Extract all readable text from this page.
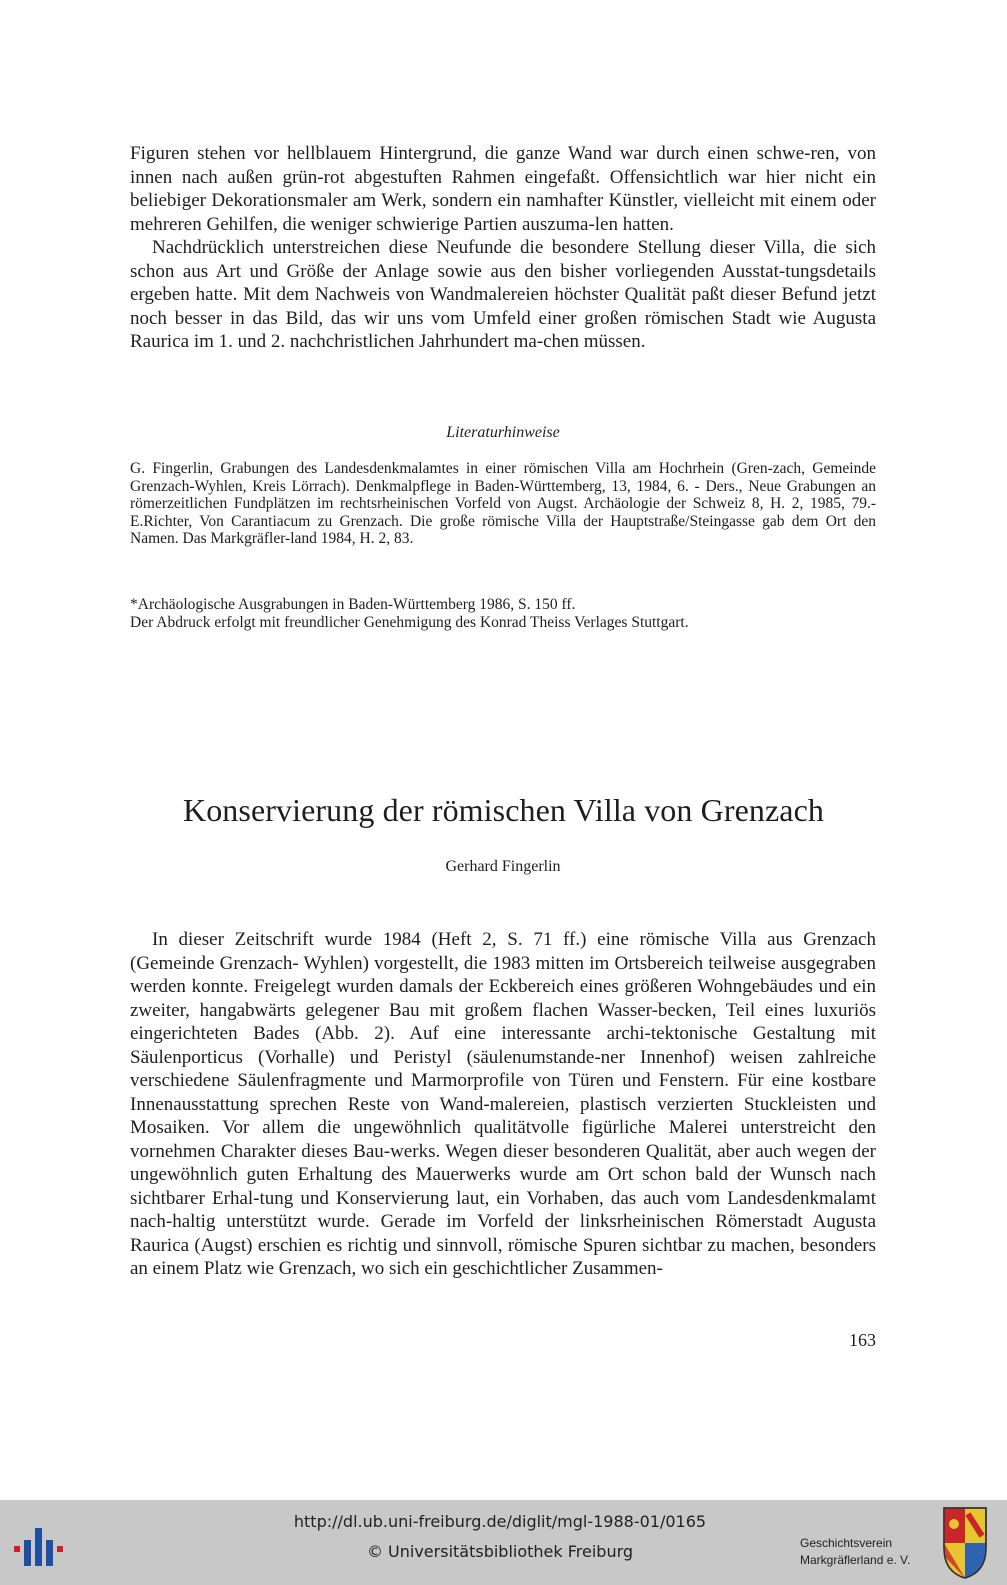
Figuren stehen vor hellblauem Hintergrund, die ganze Wand war durch einen schwe-ren, von innen nach außen grün-rot abgestuften Rahmen eingefaßt. Offensichtlich war hier nicht ein beliebiger Dekorationsmaler am Werk, sondern ein namhafter Künstler, vielleicht mit einem oder mehreren Gehilfen, die weniger schwierige Partien auszuma-len hatten.

Nachdrücklich unterstreichen diese Neufunde die besondere Stellung dieser Villa, die sich schon aus Art und Größe der Anlage sowie aus den bisher vorliegenden Ausstat-tungsdetails ergeben hatte. Mit dem Nachweis von Wandmalereien höchster Qualität paßt dieser Befund jetzt noch besser in das Bild, das wir uns vom Umfeld einer großen römischen Stadt wie Augusta Raurica im 1. und 2. nachchristlichen Jahrhundert ma-chen müssen.

Literaturhinweise

G. Fingerlin, Grabungen des Landesdenkmalamtes in einer römischen Villa am Hochrhein (Gren-zach, Gemeinde Grenzach-Wyhlen, Kreis Lörrach). Denkmalpflege in Baden-Württemberg, 13, 1984, 6. - Ders., Neue Grabungen an römerzeitlichen Fundplätzen im rechtsrheinischen Vorfeld von Augst. Archäologie der Schweiz 8, H. 2, 1985, 79.- E.Richter, Von Carantiacum zu Grenzach. Die große römische Villa der Hauptstraße/Steingasse gab dem Ort den Namen. Das Markgräfler-land 1984, H. 2, 83.

*Archäologische Ausgrabungen in Baden-Württemberg 1986, S. 150 ff.

Der Abdruck erfolgt mit freundlicher Genehmigung des Konrad Theiss Verlages Stuttgart.

Konservierung der römischen Villa von Grenzach
Gerhard Fingerlin

In dieser Zeitschrift wurde 1984 (Heft 2, S. 71 ff.) eine römische Villa aus Grenzach (Gemeinde Grenzach- Wyhlen) vorgestellt, die 1983 mitten im Ortsbereich teilweise ausgegraben werden konnte. Freigelegt wurden damals der Eckbereich eines größeren Wohngebäudes und ein zweiter, hangabwärts gelegener Bau mit großem flachen Wasser-becken, Teil eines luxuriös eingerichteten Bades (Abb. 2). Auf eine interessante archi-tektonische Gestaltung mit Säulenporticus (Vorhalle) und Peristyl (säulenumstande-ner Innenhof) weisen zahlreiche verschiedene Säulenfragmente und Marmorprofile von Türen und Fenstern. Für eine kostbare Innenausstattung sprechen Reste von Wand-malereien, plastisch verzierten Stuckleisten und Mosaiken. Vor allem die ungewöhnlich qualitätvolle figürliche Malerei unterstreicht den vornehmen Charakter dieses Bau-werks. Wegen dieser besonderen Qualität, aber auch wegen der ungewöhnlich guten Erhaltung des Mauerwerks wurde am Ort schon bald der Wunsch nach sichtbarer Erhal-tung und Konservierung laut, ein Vorhaben, das auch vom Landesdenkmalamt nach-haltig unterstützt wurde. Gerade im Vorfeld der linksrheinischen Römerstadt Augusta Raurica (Augst) erschien es richtig und sinnvoll, römische Spuren sichtbar zu machen, besonders an einem Platz wie Grenzach, wo sich ein geschichtlicher Zusammen-

163
http://dl.ub.uni-freiburg.de/diglit/mgl-1988-01/0165
© Universitätsbibliothek Freiburg	Geschichtsverein
Markgräflerland e. V.
